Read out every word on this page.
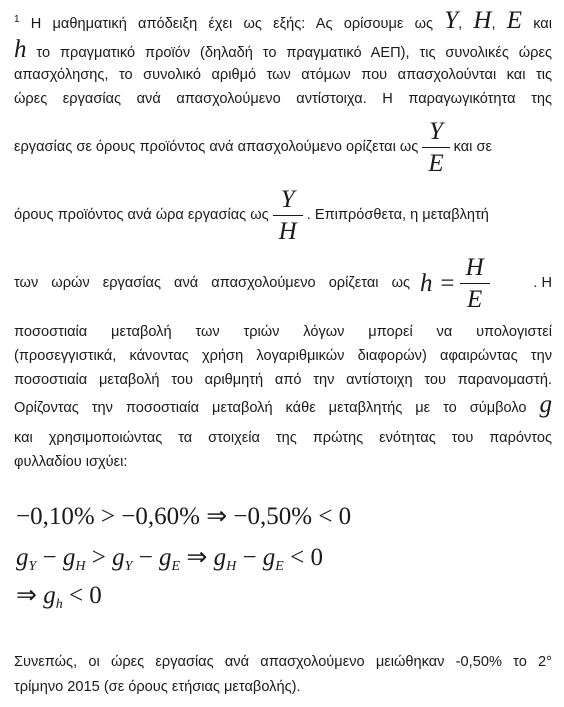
$^1$ Η μαθηματική απόδειξη έχει ως εξής: Ας ορίσουμε ως Y, H, E και
h το πραγματικό προϊόν (δηλαδή το πραγματικό ΑΕΠ), τις συνολικές ώρες
απασχόλησης, το συνολικό αριθμό των ατόμων που απασχολούνται και τις
ώρες εργασίας ανά απασχολούμενο αντίστοιχα. Η παραγωγικότητα της
εργασίας σε όρους προϊόντος ανά απασχολούμενο ορίζεται ως $\frac{Y}{E}$ και σε
όρους προϊόντος ανά ώρα εργασίας ως $\frac{Y}{H}$ . Επιπρόσθετα, η μεταβλητή
των ωρών εργασίας ανά απασχολούμενο ορίζεται ως $h = \frac{H}{E}$	. Η
ποσοστιαία μεταβολή των τριών λόγων μπορεί να υπολογιστεί
(προσεγγιστικά, κάνοντας χρήση λογαριθμικών διαφορών) αφαιρώντας την
ποσοστιαία μεταβολή του αριθμητή από την αντίστοιχη του παρανομαστή.
Ορίζοντας την ποσοστιαία μεταβολή κάθε μεταβλητής με το σύμβολο g
και χρησιμοποιώντας τα στοιχεία της πρώτης ενότητας του παρόντος
φυλλαδίου ισχύει:
−0,10% > −0,60% ⇒ −0,50% < 0
$g_Y - g_H > g_Y - g_E$ ⇒ $g_H - g_E < 0$
⇒ $g_h < 0$
Συνεπώς, οι ώρες εργασίας ανά απασχολούμενο μειώθηκαν -0,50% το 2°
τρίμηνο 2015 (σε όρους ετήσιας μεταβολής).
